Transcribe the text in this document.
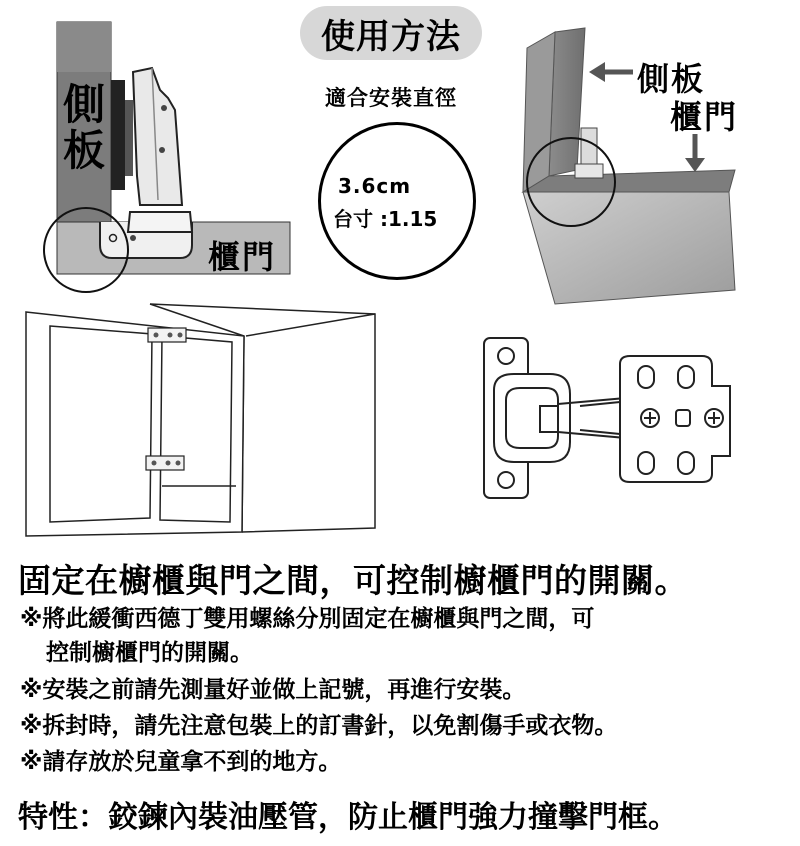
側板
櫃門
使用方法
適合安裝直徑
3.6cm
台寸 :1.15
側板
櫃門
固定在櫥櫃與門之間，可控制櫥櫃門的開關。
※將此緩衝西德丁雙用螺絲分別固定在櫥櫃與門之間，可
控制櫥櫃門的開關。
※安裝之前請先測量好並做上記號，再進行安裝。
※拆封時，請先注意包裝上的訂書針，以免割傷手或衣物。
※請存放於兒童拿不到的地方。
特性：鉸鍊內裝油壓管，防止櫃門強力撞擊門框。
